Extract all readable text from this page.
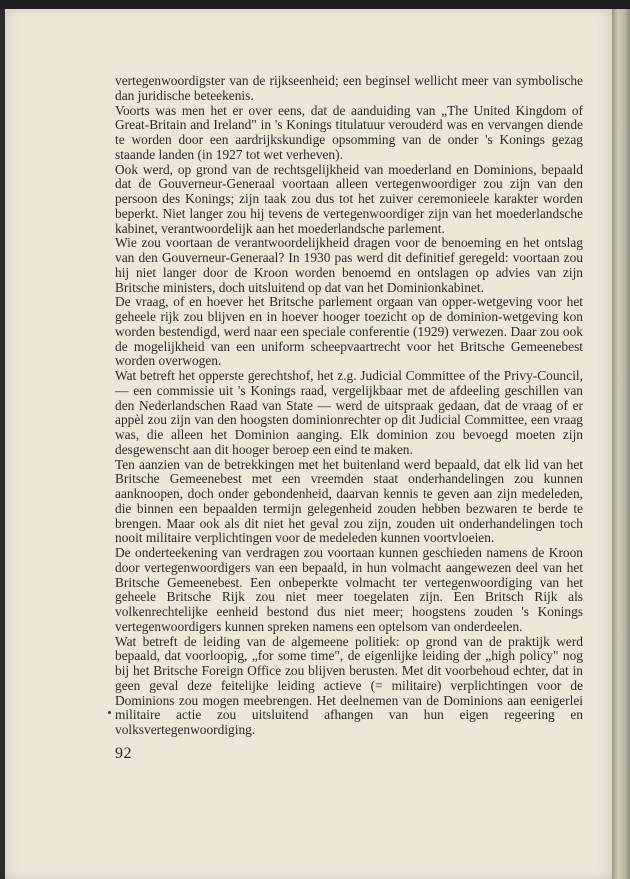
vertegenwoordigster van de rijkseenheid; een beginsel wellicht meer van symbolische dan juridische beteekenis.

Voorts was men het er over eens, dat de aanduiding van „The United Kingdom of Great-Britain and Ireland" in 's Konings titulatuur verouderd was en vervangen diende te worden door een aardrijkskundige opsomming van de onder 's Konings gezag staande landen (in 1927 tot wet verheven).

Ook werd, op grond van de rechtsgelijkheid van moederland en Dominions, bepaald dat de Gouverneur-Generaal voortaan alleen vertegenwoordiger zou zijn van den persoon des Konings; zijn taak zou dus tot het zuiver ceremonieele karakter worden beperkt. Niet langer zou hij tevens de vertegenwoordiger zijn van het moederlandsche kabinet, verantwoordelijk aan het moederlandsche parlement.

Wie zou voortaan de verantwoordelijkheid dragen voor de benoeming en het ontslag van den Gouverneur-Generaal? In 1930 pas werd dit definitief geregeld: voortaan zou hij niet langer door de Kroon worden benoemd en ontslagen op advies van zijn Britsche ministers, doch uitsluitend op dat van het Dominionkabinet.

De vraag, of en hoever het Britsche parlement orgaan van opper-wetgeving voor het geheele rijk zou blijven en in hoever hooger toezicht op de dominion-wetgeving kon worden bestendigd, werd naar een speciale conferentie (1929) verwezen. Daar zou ook de mogelijkheid van een uniform scheepvaartrecht voor het Britsche Gemeenebest worden overwogen.

Wat betreft het opperste gerechtshof, het z.g. Judicial Committee of the Privy-Council, — een commissie uit 's Konings raad, vergelijkbaar met de afdeeling geschillen van den Nederlandschen Raad van State — werd de uitspraak gedaan, dat de vraag of er appèl zou zijn van den hoogsten dominionrechter op dit Judicial Committee, een vraag was, die alleen het Dominion aanging. Elk dominion zou bevoegd moeten zijn desgewenscht aan dit hooger beroep een eind te maken.

Ten aanzien van de betrekkingen met het buitenland werd bepaald, dat elk lid van het Britsche Gemeenebest met een vreemden staat onderhandelingen zou kunnen aanknoopen, doch onder gebondenheid, daarvan kennis te geven aan zijn medeleden, die binnen een bepaalden termijn gelegenheid zouden hebben bezwaren te berde te brengen. Maar ook als dit niet het geval zou zijn, zouden uit onderhandelingen toch nooit militaire verplichtingen voor de medeleden kunnen voortvloeien.

De onderteekening van verdragen zou voortaan kunnen geschieden namens de Kroon door vertegenwoordigers van een bepaald, in hun volmacht aangewezen deel van het Britsche Gemeenebest. Een onbeperkte volmacht ter vertegenwoordiging van het geheele Britsche Rijk zou niet meer toegelaten zijn. Een Britsch Rijk als volkenrechtelijke eenheid bestond dus niet meer; hoogstens zouden 's Konings vertegenwoordigers kunnen spreken namens een optelsom van onderdeelen.

Wat betreft de leiding van de algemeene politiek: op grond van de praktijk werd bepaald, dat voorloopig, „for some time", de eigenlijke leiding der „high policy" nog bij het Britsche Foreign Office zou blijven berusten. Met dit voorbehoud echter, dat in geen geval deze feitelijke leiding actieve (= militaire) verplichtingen voor de Dominions zou mogen meebrengen. Het deelnemen van de Dominions aan eenigerlei militaire actie zou uitsluitend afhangen van hun eigen regeering en volksvertegenwoordiging.

92
